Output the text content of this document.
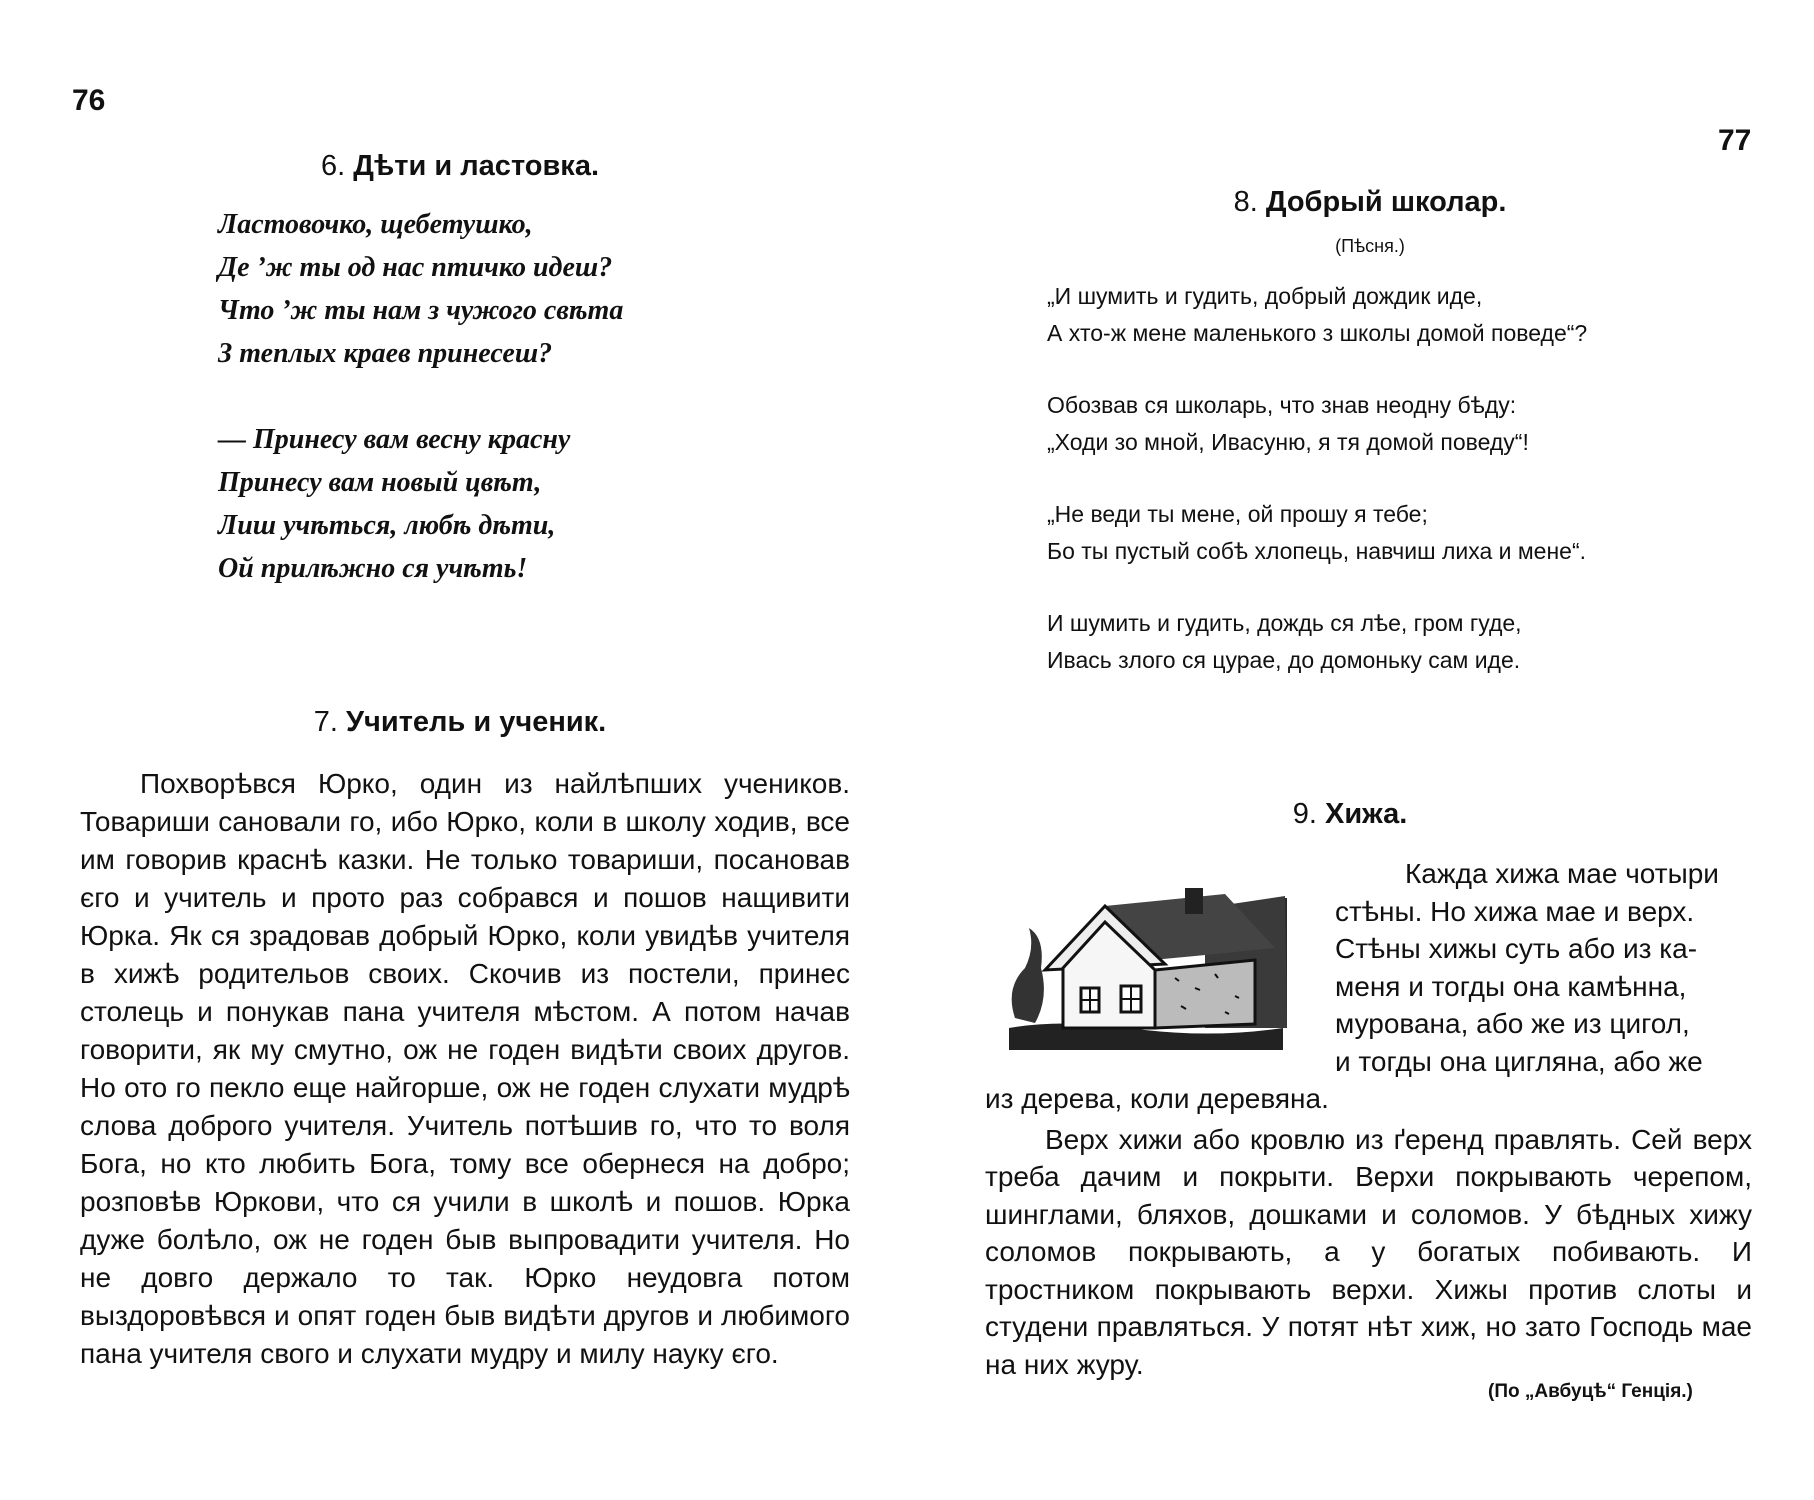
76
6. Дѣти и ластовка.
Ластовочко, щебетушко,
Де ’ж ты од нас птичко идеш?
Что ’ж ты нам з чужого свѣта
З теплых краев принесеш?
— Принесу вам весну красну
Принесу вам новый цвѣт,
Лиш учѣться, любѣ дѣти,
Ой прилѣжно ся учѣть!
7. Учитель и ученик.

Похворѣвся Юрко, один из найлѣпших учеников. Товариши сановали го, ибо Юрко, коли в школу ходив, все им говорив краснѣ казки. Не только товариши, посановав єго и учитель и прото раз собрався и пошов нащивити Юрка. Як ся зрадовав добрый Юрко, коли увидѣв учителя в хижѣ родительов своих. Скочив из постели, принес столець и понукав пана учителя мѣстом. А потом начав говорити, як му смутно, ож не годен видѣти своих другов. Но ото го пекло еще найгорше, ож не годен слухати мудрѣ слова доброго учителя. Учитель потѣшив го, что то воля Бога, но кто любить Бога, тому все обернеся на добро; розповѣв Юркови, что ся учили в школѣ и пошов. Юрка дуже болѣло, ож не годен быв выпровадити учителя. Но не довго держало то так. Юрко неудовга потом выздоровѣвся и опят годен быв видѣти другов и любимого пана учителя свого и слухати мудру и милу науку єго.

77
8. Добрый школар.
(Пѣсня.)
„И шумить и гудить, добрый дождик иде,
А хто-ж мене маленького з школы домой поведе“?
Обозвав ся школарь, что знав неодну бѣду:
„Ходи зо мной, Ивасуню, я тя домой поведу“!
„Не веди ты мене, ой прошу я тебе;
Бо ты пустый собѣ хлопець, навчиш лиха и мене“.
И шумить и гудить, дождь ся лѣе, гром гуде,
Ивась злого ся цурае, до домоньку сам иде.
9. Хижа.
Кажда хижа мае чотыри
стѣны. Но хижа мае и верх.
Стѣны хижы суть або из ка-
меня и тогды она камѣнна,
мурована, або же из цигол,
и тогды она цигляна, або же
из дерева, коли деревяна.

Верх хижи або кровлю из ґеренд правлять. Сей верх треба дачим и покрыти. Верхи покрывають черепом, шинглами, бляхов, дошками и соломов. У бѣдных хижу соломов покрывають, а у богатых побивають. И тростником покрывають верхи. Хижы против слоты и студени правляться. У потят нѣт хиж, но зато Господь мае на них журу.

(По „Авбуцѣ“ Генція.)
